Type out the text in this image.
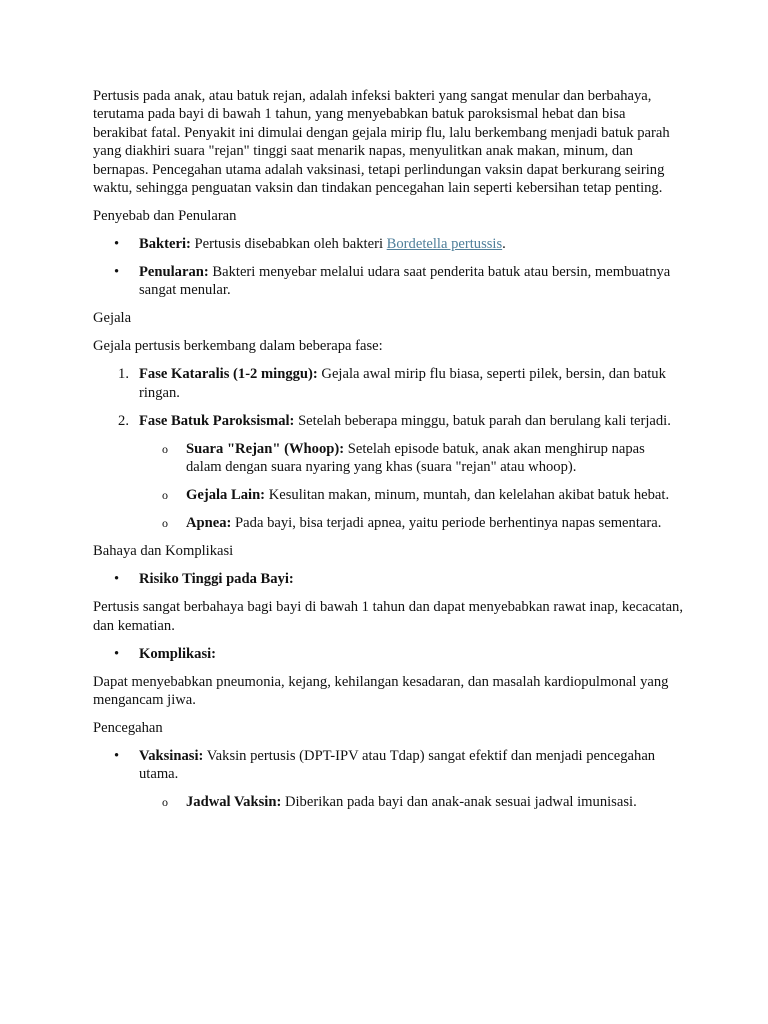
Pertusis pada anak, atau batuk rejan, adalah infeksi bakteri yang sangat menular dan berbahaya, terutama pada bayi di bawah 1 tahun, yang menyebabkan batuk paroksismal hebat dan bisa berakibat fatal. Penyakit ini dimulai dengan gejala mirip flu, lalu berkembang menjadi batuk parah yang diakhiri suara "rejan" tinggi saat menarik napas, menyulitkan anak makan, minum, dan bernapas. Pencegahan utama adalah vaksinasi, tetapi perlindungan vaksin dapat berkurang seiring waktu, sehingga penguatan vaksin dan tindakan pencegahan lain seperti kebersihan tetap penting.

Penyebab dan Penularan

• Bakteri: Pertusis disebabkan oleh bakteri Bordetella pertussis.
• Penularan: Bakteri menyebar melalui udara saat penderita batuk atau bersin, membuatnya sangat menular.

Gejala

Gejala pertusis berkembang dalam beberapa fase:

1. Fase Kataralis (1-2 minggu): Gejala awal mirip flu biasa, seperti pilek, bersin, dan batuk ringan.
2. Fase Batuk Paroksismal: Setelah beberapa minggu, batuk parah dan berulang kali terjadi.
o Suara "Rejan" (Whoop): Setelah episode batuk, anak akan menghirup napas dalam dengan suara nyaring yang khas (suara "rejan" atau whoop).
o Gejala Lain: Kesulitan makan, minum, muntah, dan kelelahan akibat batuk hebat.
o Apnea: Pada bayi, bisa terjadi apnea, yaitu periode berhentinya napas sementara.

Bahaya dan Komplikasi

• Risiko Tinggi pada Bayi:

Pertusis sangat berbahaya bagi bayi di bawah 1 tahun dan dapat menyebabkan rawat inap, kecacatan, dan kematian.

• Komplikasi:

Dapat menyebabkan pneumonia, kejang, kehilangan kesadaran, dan masalah kardiopulmonal yang mengancam jiwa.

Pencegahan

• Vaksinasi: Vaksin pertusis (DPT-IPV atau Tdap) sangat efektif dan menjadi pencegahan utama.
o Jadwal Vaksin: Diberikan pada bayi dan anak-anak sesuai jadwal imunisasi.
